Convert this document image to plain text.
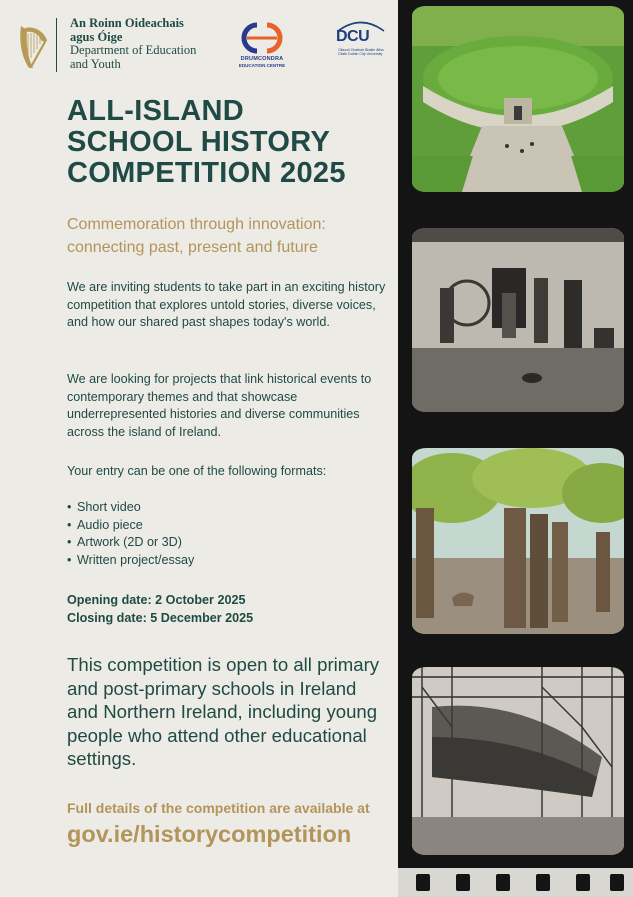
An Roinn Oideachais
agus Óige
Department of Education
and Youth	DRUMCONDRA
EDUCATION CENTRE
DCU
Ollscoil Chathair Bhaile Átha Cliath Dublin City University
ALL-ISLAND
SCHOOL HISTORY
COMPETITION 2025
Commemoration through innovation:
connecting past, present and future
We are inviting students to take part in an exciting history competition that explores untold stories, diverse voices, and how our shared past shapes today's world.
We are looking for projects that link historical events to contemporary themes and that showcase underrepresented histories and diverse communities across the island of Ireland.
Your entry can be one of the following formats:
• Short video
• Audio piece
• Artwork (2D or 3D)
• Written project/essay
Opening date: 2 October 2025
Closing date: 5 December 2025
This competition is open to all primary and post-primary schools in Ireland and Northern Ireland, including young people who attend other educational settings.
Full details of the competition are available at
gov.ie/historycompetition
